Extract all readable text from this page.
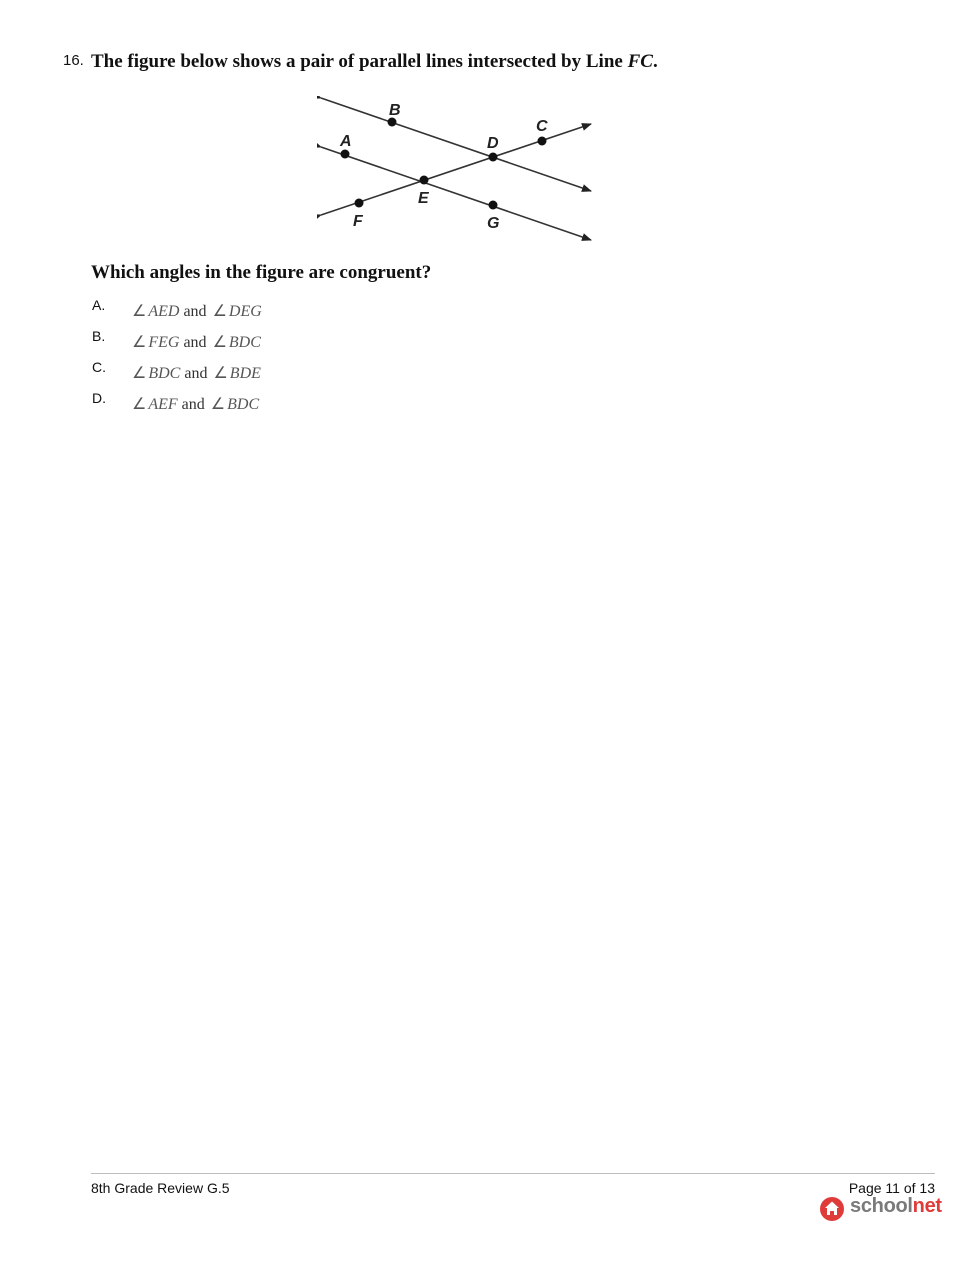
16. The figure below shows a pair of parallel lines intersected by Line FC.
B
A	D
C
E
F	G
Which angles in the figure are congruent?
A. ∠ AED and ∠ DEG
B. ∠ FEG and ∠ BDC
C. ∠ BDC and ∠ BDE
D. ∠ AEF and ∠ BDC
8th Grade Review G.5	Page 11 of 13
schoolnet
